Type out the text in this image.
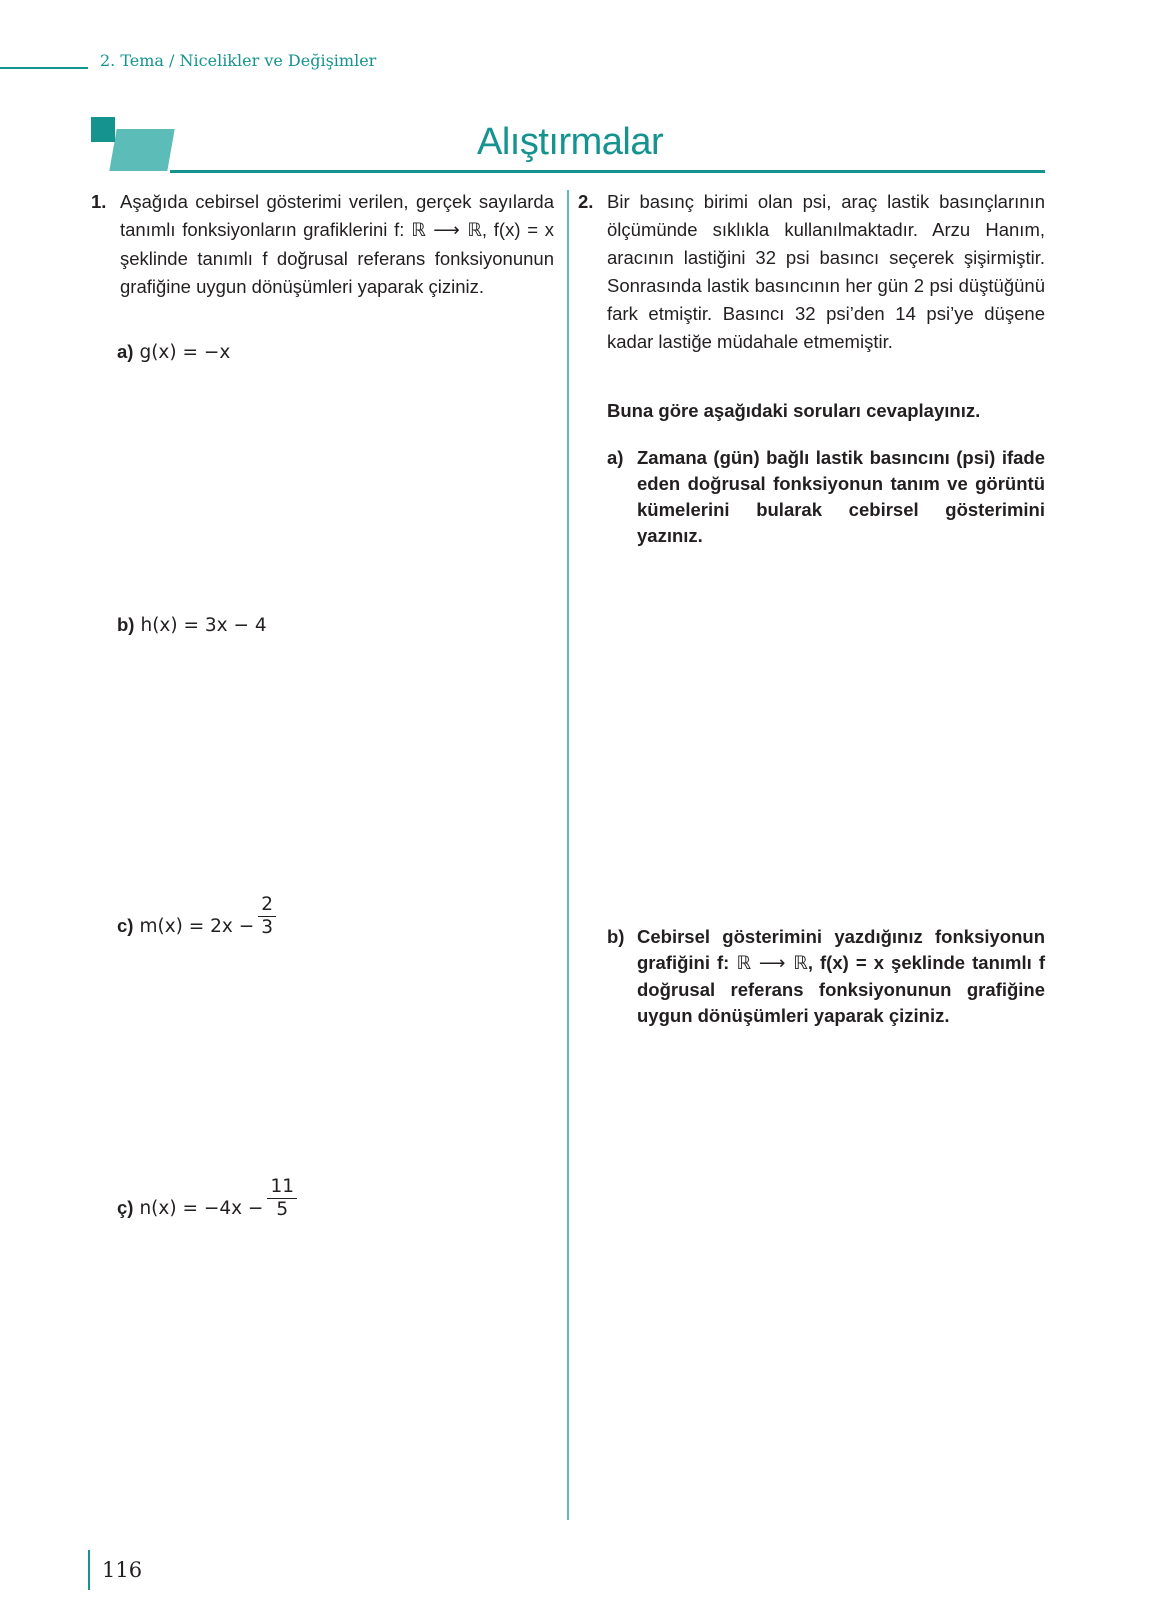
2. Tema / Nicelikler ve Değişimler
Alıştırmalar
1. Aşağıda cebirsel gösterimi verilen, gerçek sayılarda tanımlı fonksiyonların grafiklerini f: ℝ ⟶ ℝ, f(x) = x şeklinde tanımlı f doğrusal referans fonksiyonunun grafiğine uygun dönüşümleri yaparak çiziniz.
a) g(x) = −x
b) h(x) = 3x − 4
c) $m(x) = 2x - \frac{2}{3}$
ç) $n(x) = -4x - \frac{11}{5}$
2. Bir basınç birimi olan psi, araç lastik basınçlarının ölçümünde sıklıkla kullanılmaktadır. Arzu Hanım, aracının lastiğini 32 psi basıncı seçerek şişirmiştir. Sonrasında lastik basıncının her gün 2 psi düştüğünü fark etmiştir. Basıncı 32 psi’den 14 psi’ye düşene kadar lastiğe müdahale etmemiştir.
Buna göre aşağıdaki soruları cevaplayınız.
a) Zamana (gün) bağlı lastik basıncını (psi) ifade eden doğrusal fonksiyonun tanım ve görüntü kümelerini bularak cebirsel gösterimini yazınız.
b) Cebirsel gösterimini yazdığınız fonksiyonun grafiğini f: ℝ ⟶ ℝ, f(x) = x şeklinde tanımlı f doğrusal referans fonksiyonunun grafiğine uygun dönüşümleri yaparak çiziniz.
116
